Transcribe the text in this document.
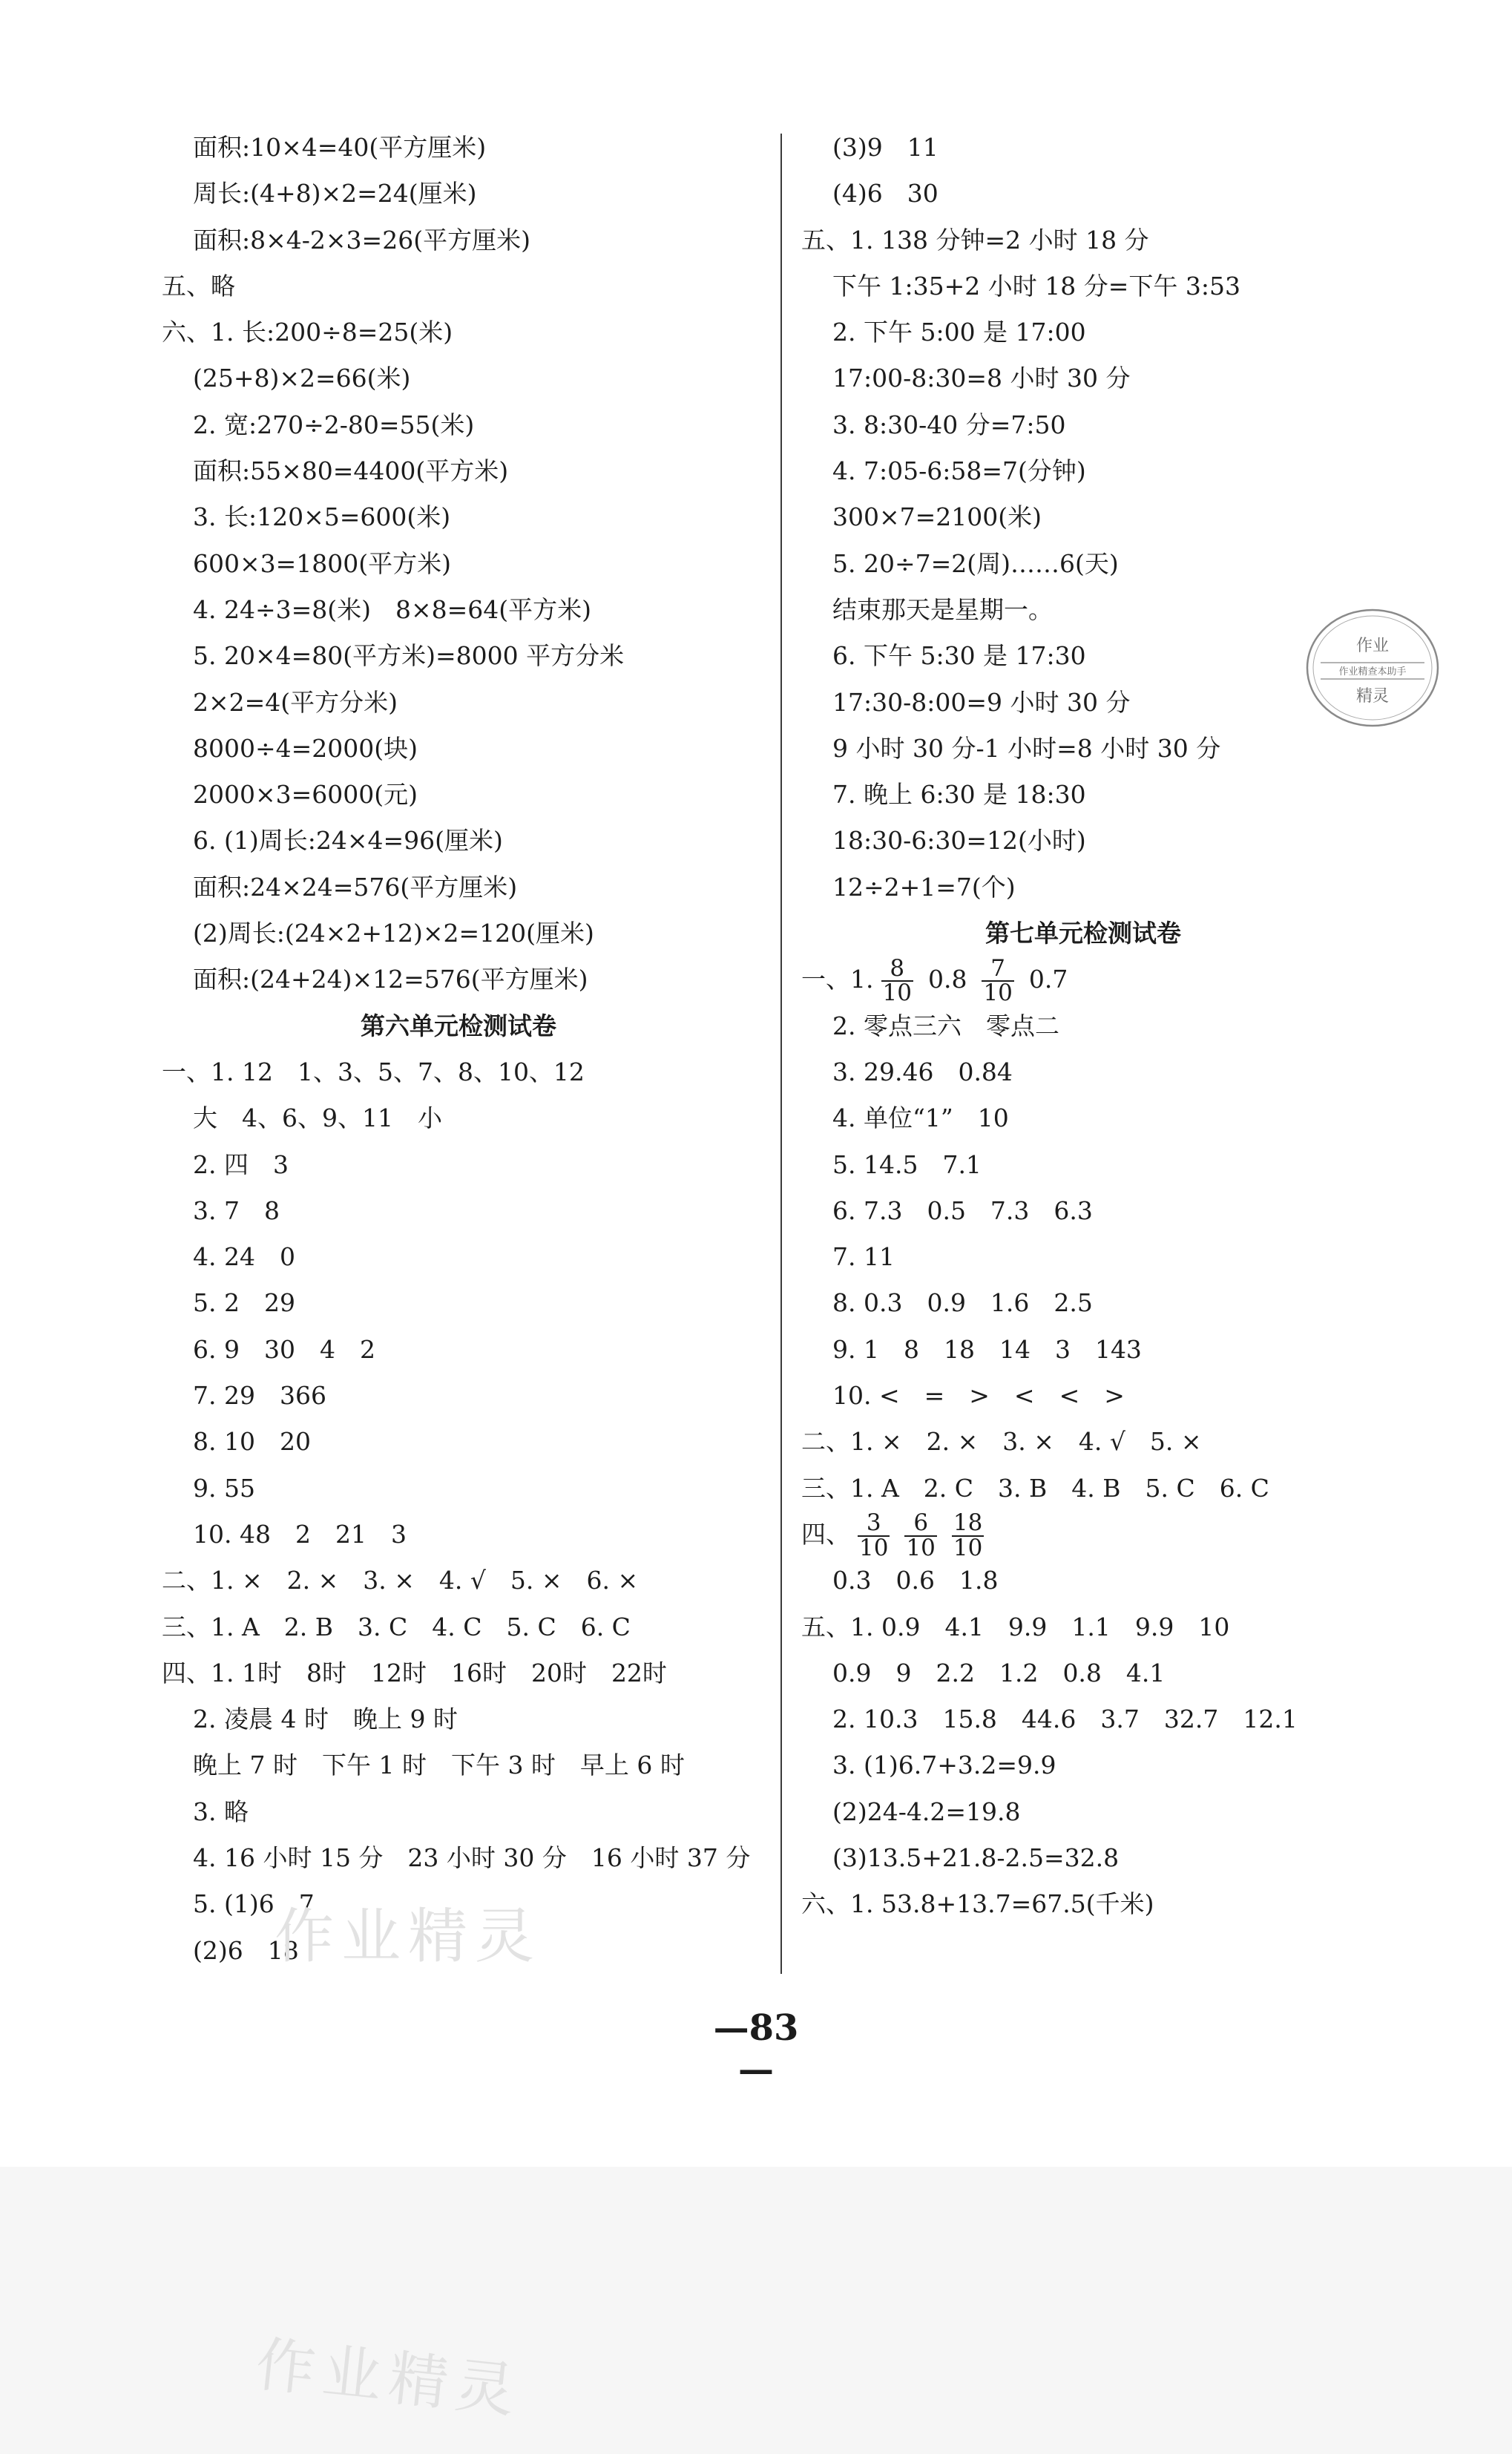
面积:10×4=40(平方厘米)
周长:(4+8)×2=24(厘米)
面积:8×4-2×3=26(平方厘米)
五、略
六、1. 长:200÷8=25(米)
(25+8)×2=66(米)
2. 宽:270÷2-80=55(米)
面积:55×80=4400(平方米)
3. 长:120×5=600(米)
600×3=1800(平方米)
4. 24÷3=8(米)　8×8=64(平方米)
5. 20×4=80(平方米)=8000 平方分米
2×2=4(平方分米)
8000÷4=2000(块)
2000×3=6000(元)
6. (1)周长:24×4=96(厘米)
面积:24×24=576(平方厘米)
(2)周长:(24×2+12)×2=120(厘米)
面积:(24+24)×12=576(平方厘米)
第六单元检测试卷
一、1. 12　1、3、5、7、8、10、12
大　4、6、9、11　小
2. 四　3
3. 7　8
4. 24　0
5. 2　29
6. 9　30　4　2
7. 29　366
8. 10　20
9. 55
10. 48　2　21　3
二、1. ×　2. ×　3. ×　4. √　5. ×　6. ×
三、1. A　2. B　3. C　4. C　5. C　6. C
四、1. 1时　8时　12时　16时　20时　22时
2. 凌晨 4 时　晚上 9 时
晚上 7 时　下午 1 时　下午 3 时　早上 6 时
3. 略
4. 16 小时 15 分　23 小时 30 分　16 小时 37 分
5. (1)6　7
(2)6　18
(3)9　11
(4)6　30
五、1. 138 分钟=2 小时 18 分
下午 1:35+2 小时 18 分=下午 3:53
2. 下午 5:00 是 17:00
17:00-8:30=8 小时 30 分
3. 8:30-40 分=7:50
4. 7:05-6:58=7(分钟)
300×7=2100(米)
5. 20÷7=2(周)……6(天)
结束那天是星期一。
6. 下午 5:30 是 17:30
17:30-8:00=9 小时 30 分
9 小时 30 分-1 小时=8 小时 30 分
7. 晚上 6:30 是 18:30
18:30-6:30=12(小时)
12÷2+1=7(个)
第七单元检测试卷
一、1. $\frac{8}{10} 0.8 \frac{7}{10} 0.7$
2. 零点三六　零点二
3. 29.46　0.84
4. 单位“1”　10
5. 14.5　7.1
6. 7.3　0.5　7.3　6.3
7. 11
8. 0.3　0.9　1.6　2.5
9. 1　8　18　14　3　143
10. <　=　>　<　<　>
二、1. ×　2. ×　3. ×　4. √　5. ×
三、1. A　2. C　3. B　4. B　5. C　6. C
四、 $\frac{3}{10} \frac{6}{10} \frac{18}{10}$
0.3　0.6　1.8
五、1. 0.9　4.1　9.9　1.1　9.9　10
0.9　9　2.2　1.2　0.8　4.1
2. 10.3　15.8　44.6　3.7　32.7　12.1
3. (1)6.7+3.2=9.9
(2)24-4.2=19.8
(3)13.5+21.8-2.5=32.8
六、1. 53.8+13.7=67.5(千米)
作业
作业精查本助手
精灵
作业精灵
作业精灵
—83—
